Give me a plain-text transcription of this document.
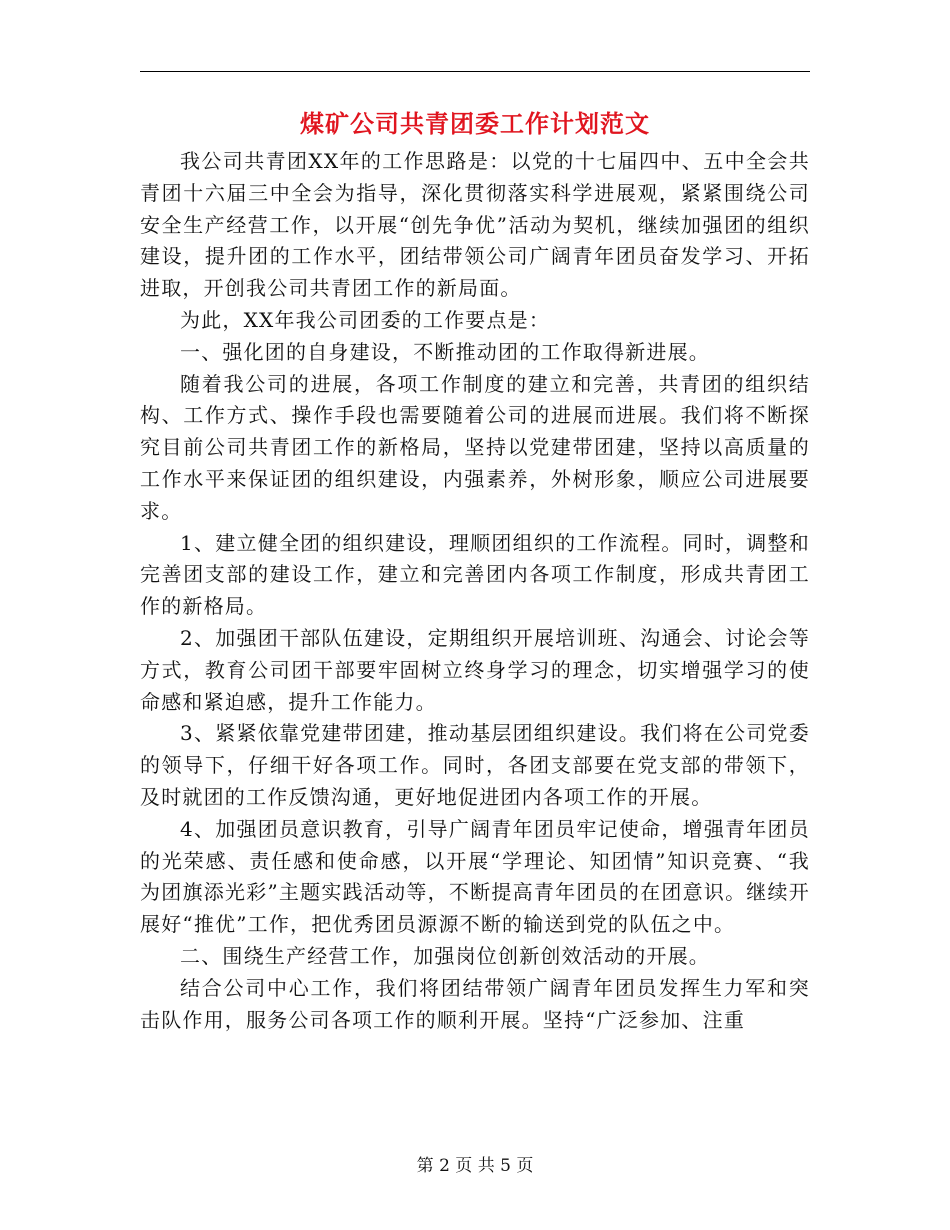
煤矿公司共青团委工作计划范文

我公司共青团XX年的工作思路是：以党的十七届四中、五中全会共青团十六届三中全会为指导，深化贯彻落实科学进展观，紧紧围绕公司安全生产经营工作，以开展“创先争优”活动为契机，继续加强团的组织建设，提升团的工作水平，团结带领公司广阔青年团员奋发学习、开拓进取，开创我公司共青团工作的新局面。

为此，XX年我公司团委的工作要点是：

一、强化团的自身建设，不断推动团的工作取得新进展。

随着我公司的进展，各项工作制度的建立和完善，共青团的组织结构、工作方式、操作手段也需要随着公司的进展而进展。我们将不断探究目前公司共青团工作的新格局，坚持以党建带团建，坚持以高质量的工作水平来保证团的组织建设，内强素养，外树形象，顺应公司进展要求。

1、建立健全团的组织建设，理顺团组织的工作流程。同时，调整和完善团支部的建设工作，建立和完善团内各项工作制度，形成共青团工作的新格局。

2、加强团干部队伍建设，定期组织开展培训班、沟通会、讨论会等方式，教育公司团干部要牢固树立终身学习的理念，切实增强学习的使命感和紧迫感，提升工作能力。

3、紧紧依靠党建带团建，推动基层团组织建设。我们将在公司党委的领导下，仔细干好各项工作。同时，各团支部要在党支部的带领下，及时就团的工作反馈沟通，更好地促进团内各项工作的开展。

4、加强团员意识教育，引导广阔青年团员牢记使命，增强青年团员的光荣感、责任感和使命感，以开展“学理论、知团情”知识竞赛、“我为团旗添光彩”主题实践活动等，不断提高青年团员的在团意识。继续开展好“推优”工作，把优秀团员源源不断的输送到党的队伍之中。

二、围绕生产经营工作，加强岗位创新创效活动的开展。

结合公司中心工作，我们将团结带领广阔青年团员发挥生力军和突击队作用，服务公司各项工作的顺利开展。坚持“广泛参加、注重

第 2 页 共 5 页
